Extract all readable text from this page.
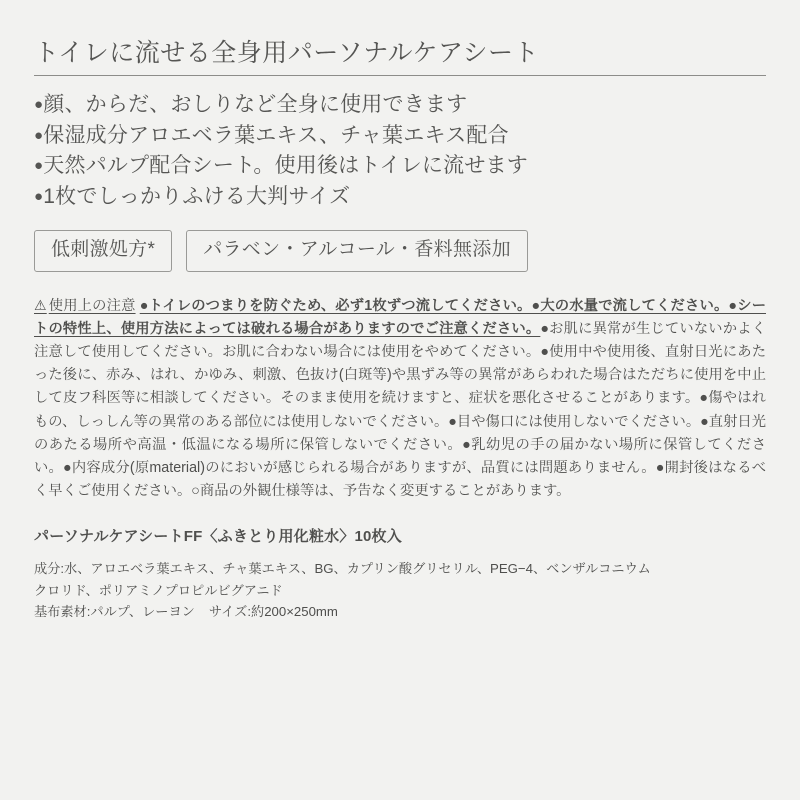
トイレに流せる全身用パーソナルケアシート
●顔、からだ、おしりなど全身に使用できます
●保湿成分アロエベラ葉エキス、チャ葉エキス配合
●天然パルプ配合シート。使用後はトイレに流せます
●1枚でしっかりふける大判サイズ
低刺激処方*	パラベン・アルコール・香料無添加
⚠ 使用上の注意 ●トイレのつまりを防ぐため、必ず1枚ずつ流してください。●大の水量で流してください。●シートの特性上、使用方法によっては破れる場合がありますのでご注意ください。●お肌に異常が生じていないかよく注意して使用してください。お肌に合わない場合には使用をやめてください。●使用中や使用後、直射日光にあたった後に、赤み、はれ、かゆみ、刺激、色抜け(白斑等)や黒ずみ等の異常があらわれた場合はただちに使用を中止して皮フ科医等に相談してください。そのまま使用を続けますと、症状を悪化させることがあります。●傷やはれもの、しっしん等の異常のある部位には使用しないでください。●目や傷口には使用しないでください。●直射日光のあたる場所や高温・低温になる場所に保管しないでください。●乳幼児の手の届かない場所に保管してください。●内容成分(原material)のにおいが感じられる場合がありますが、品質には問題ありません。●開封後はなるべく早くご使用ください。○商品の外観仕様等は、予告なく変更することがあります。
パーソナルケアシートFF〈ふきとり用化粧水〉10枚入
成分:水、アロエベラ葉エキス、チャ葉エキス、BG、カプリン酸グリセリル、PEG−4、ベンザルコニウム
クロリド、ポリアミノプロピルビグアニド
基布素材:パルプ、レーヨン サイズ:約200×250mm
